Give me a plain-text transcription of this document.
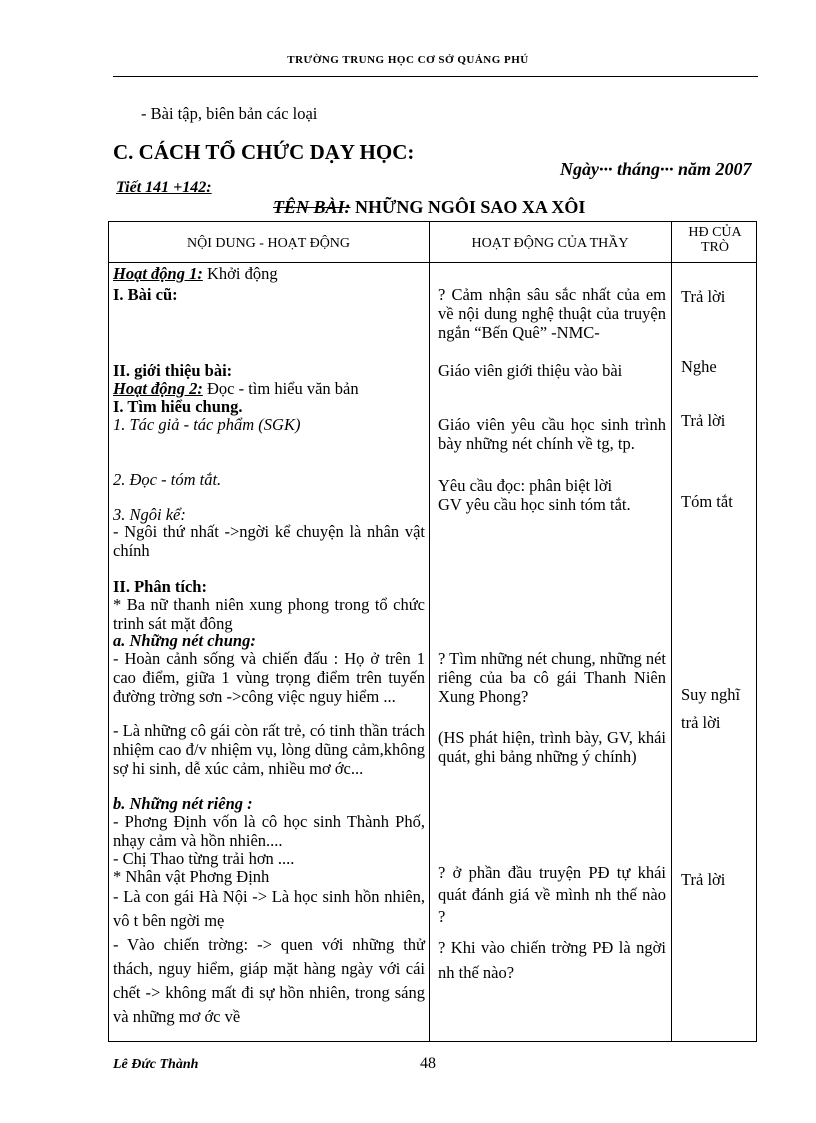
TRƯỜNG TRUNG HỌC CƠ SỞ QUẢNG PHÚ
- Bài tập, biên bản các loại
C. CÁCH TỔ CHỨC DẠY HỌC:
Ngày··· tháng··· năm 2007
Tiết 141 +142:
TÊN BÀI: NHỮNG NGÔI SAO XA XÔI
NỘI DUNG - HOẠT ĐỘNG	HOẠT ĐỘNG CỦA THẦY
HĐ CỦA TRÒ
Hoạt động 1: Khởi động
I. Bài cũ:
II. giới thiệu bài:
Hoạt động 2: Đọc - tìm hiểu văn bản
I. Tìm hiểu chung.
1. Tác giả - tác phẩm (SGK)
2. Đọc - tóm tắt.
3. Ngôi kể:
- Ngôi thứ nhất ->ngời kể chuyện là nhân vật chính
II. Phân tích:
* Ba nữ thanh niên xung phong trong tổ chức trinh sát mặt đông
a. Những nét chung:
- Hoàn cảnh sống và chiến đấu : Họ ở trên 1 cao điểm, giữa 1 vùng trọng điểm trên tuyến đường trờng sơn ->công việc nguy hiểm ...
- Là những cô gái còn rất trẻ, có tinh thần trách nhiệm cao đ/v nhiệm vụ, lòng dũng cảm,không sợ hi sinh, dễ xúc cảm, nhiều mơ ớc...
b. Những nét riêng :
- Phơng Định vốn là cô học sinh Thành Phố, nhạy cảm và hồn nhiên....
- Chị Thao từng trải hơn ....
* Nhân vật Phơng Định
- Là con gái Hà Nội -> Là học sinh hồn nhiên, vô t bên ngời mẹ
- Vào chiến trờng: -> quen với những thử thách, nguy hiểm, giáp mặt hàng ngày với cái chết -> không mất đi sự hồn nhiên, trong sáng và những mơ ớc về
? Cảm nhận sâu sắc nhất của em về nội dung nghệ thuật của truyện ngắn “Bến Quê” -NMC-
Giáo viên giới thiệu vào bài
Giáo viên yêu cầu học sinh trình bày những nét chính về tg, tp.
Yêu cầu đọc: phân biệt lời
GV yêu cầu học sinh tóm tắt.
? Tìm những nét chung, những nét riêng của ba cô gái Thanh Niên Xung Phong?
(HS phát hiện, trình bày, GV, khái quát, ghi bảng những ý chính)
? ở phần đầu truyện PĐ tự khái quát đánh giá về mình nh thế nào ?
? Khi vào chiến trờng PĐ là ngời nh thế nào?
Trả lời
Nghe
Trả lời
Tóm tắt
Suy nghĩ trả lời
Trả lời
Lê Đức Thành	48
